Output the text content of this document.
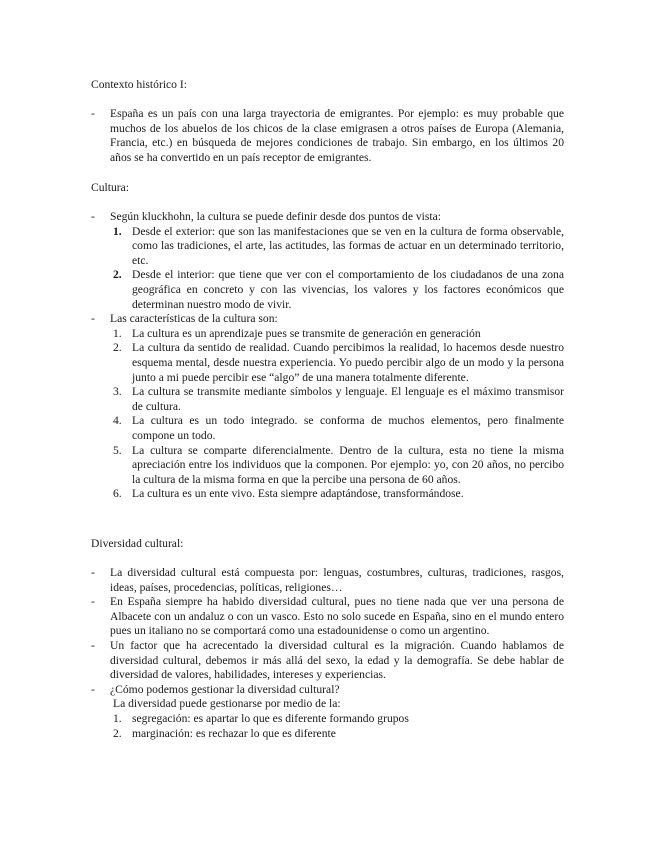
Contexto histórico I:
- España es un país con una larga trayectoria de emigrantes. Por ejemplo: es muy probable que muchos de los abuelos de los chicos de la clase emigrasen a otros países de Europa (Alemania, Francia, etc.) en búsqueda de mejores condiciones de trabajo. Sin embargo, en los últimos 20 años se ha convertido en un país receptor de emigrantes.
Cultura:
- Según kluckhohn, la cultura se puede definir desde dos puntos de vista:
1. Desde el exterior: que son las manifestaciones que se ven en la cultura de forma observable, como las tradiciones, el arte, las actitudes, las formas de actuar en un determinado territorio, etc.
2. Desde el interior: que tiene que ver con el comportamiento de los ciudadanos de una zona geográfica en concreto y con las vivencias, los valores y los factores económicos que determinan nuestro modo de vivir.
- Las características de la cultura son:
1. La cultura es un aprendizaje pues se transmite de generación en generación
2. La cultura da sentido de realidad. Cuando percibimos la realidad, lo hacemos desde nuestro esquema mental, desde nuestra experiencia. Yo puedo percibir algo de un modo y la persona junto a mi puede percibir ese “algo” de una manera totalmente diferente.
3. La cultura se transmite mediante símbolos y lenguaje. El lenguaje es el máximo transmisor de cultura.
4. La cultura es un todo integrado. se conforma de muchos elementos, pero finalmente compone un todo.
5. La cultura se comparte diferencialmente. Dentro de la cultura, esta no tiene la misma apreciación entre los individuos que la componen. Por ejemplo: yo, con 20 años, no percibo la cultura de la misma forma en que la percibe una persona de 60 años.
6. La cultura es un ente vivo. Esta siempre adaptándose, transformándose.
Diversidad cultural:
- La diversidad cultural está compuesta por: lenguas, costumbres, culturas, tradiciones, rasgos, ideas, países, procedencias, políticas, religiones…
- En España siempre ha habido diversidad cultural, pues no tiene nada que ver una persona de Albacete con un andaluz o con un vasco. Esto no solo sucede en España, sino en el mundo entero pues un italiano no se comportará como una estadounidense o como un argentino.
- Un factor que ha acrecentado la diversidad cultural es la migración. Cuando hablamos de diversidad cultural, debemos ir más allá del sexo, la edad y la demografía. Se debe hablar de diversidad de valores, habilidades, intereses y experiencias.
- ¿Cómo podemos gestionar la diversidad cultural?
La diversidad puede gestionarse por medio de la:
1. segregación: es apartar lo que es diferente formando grupos
2. marginación: es rechazar lo que es diferente
